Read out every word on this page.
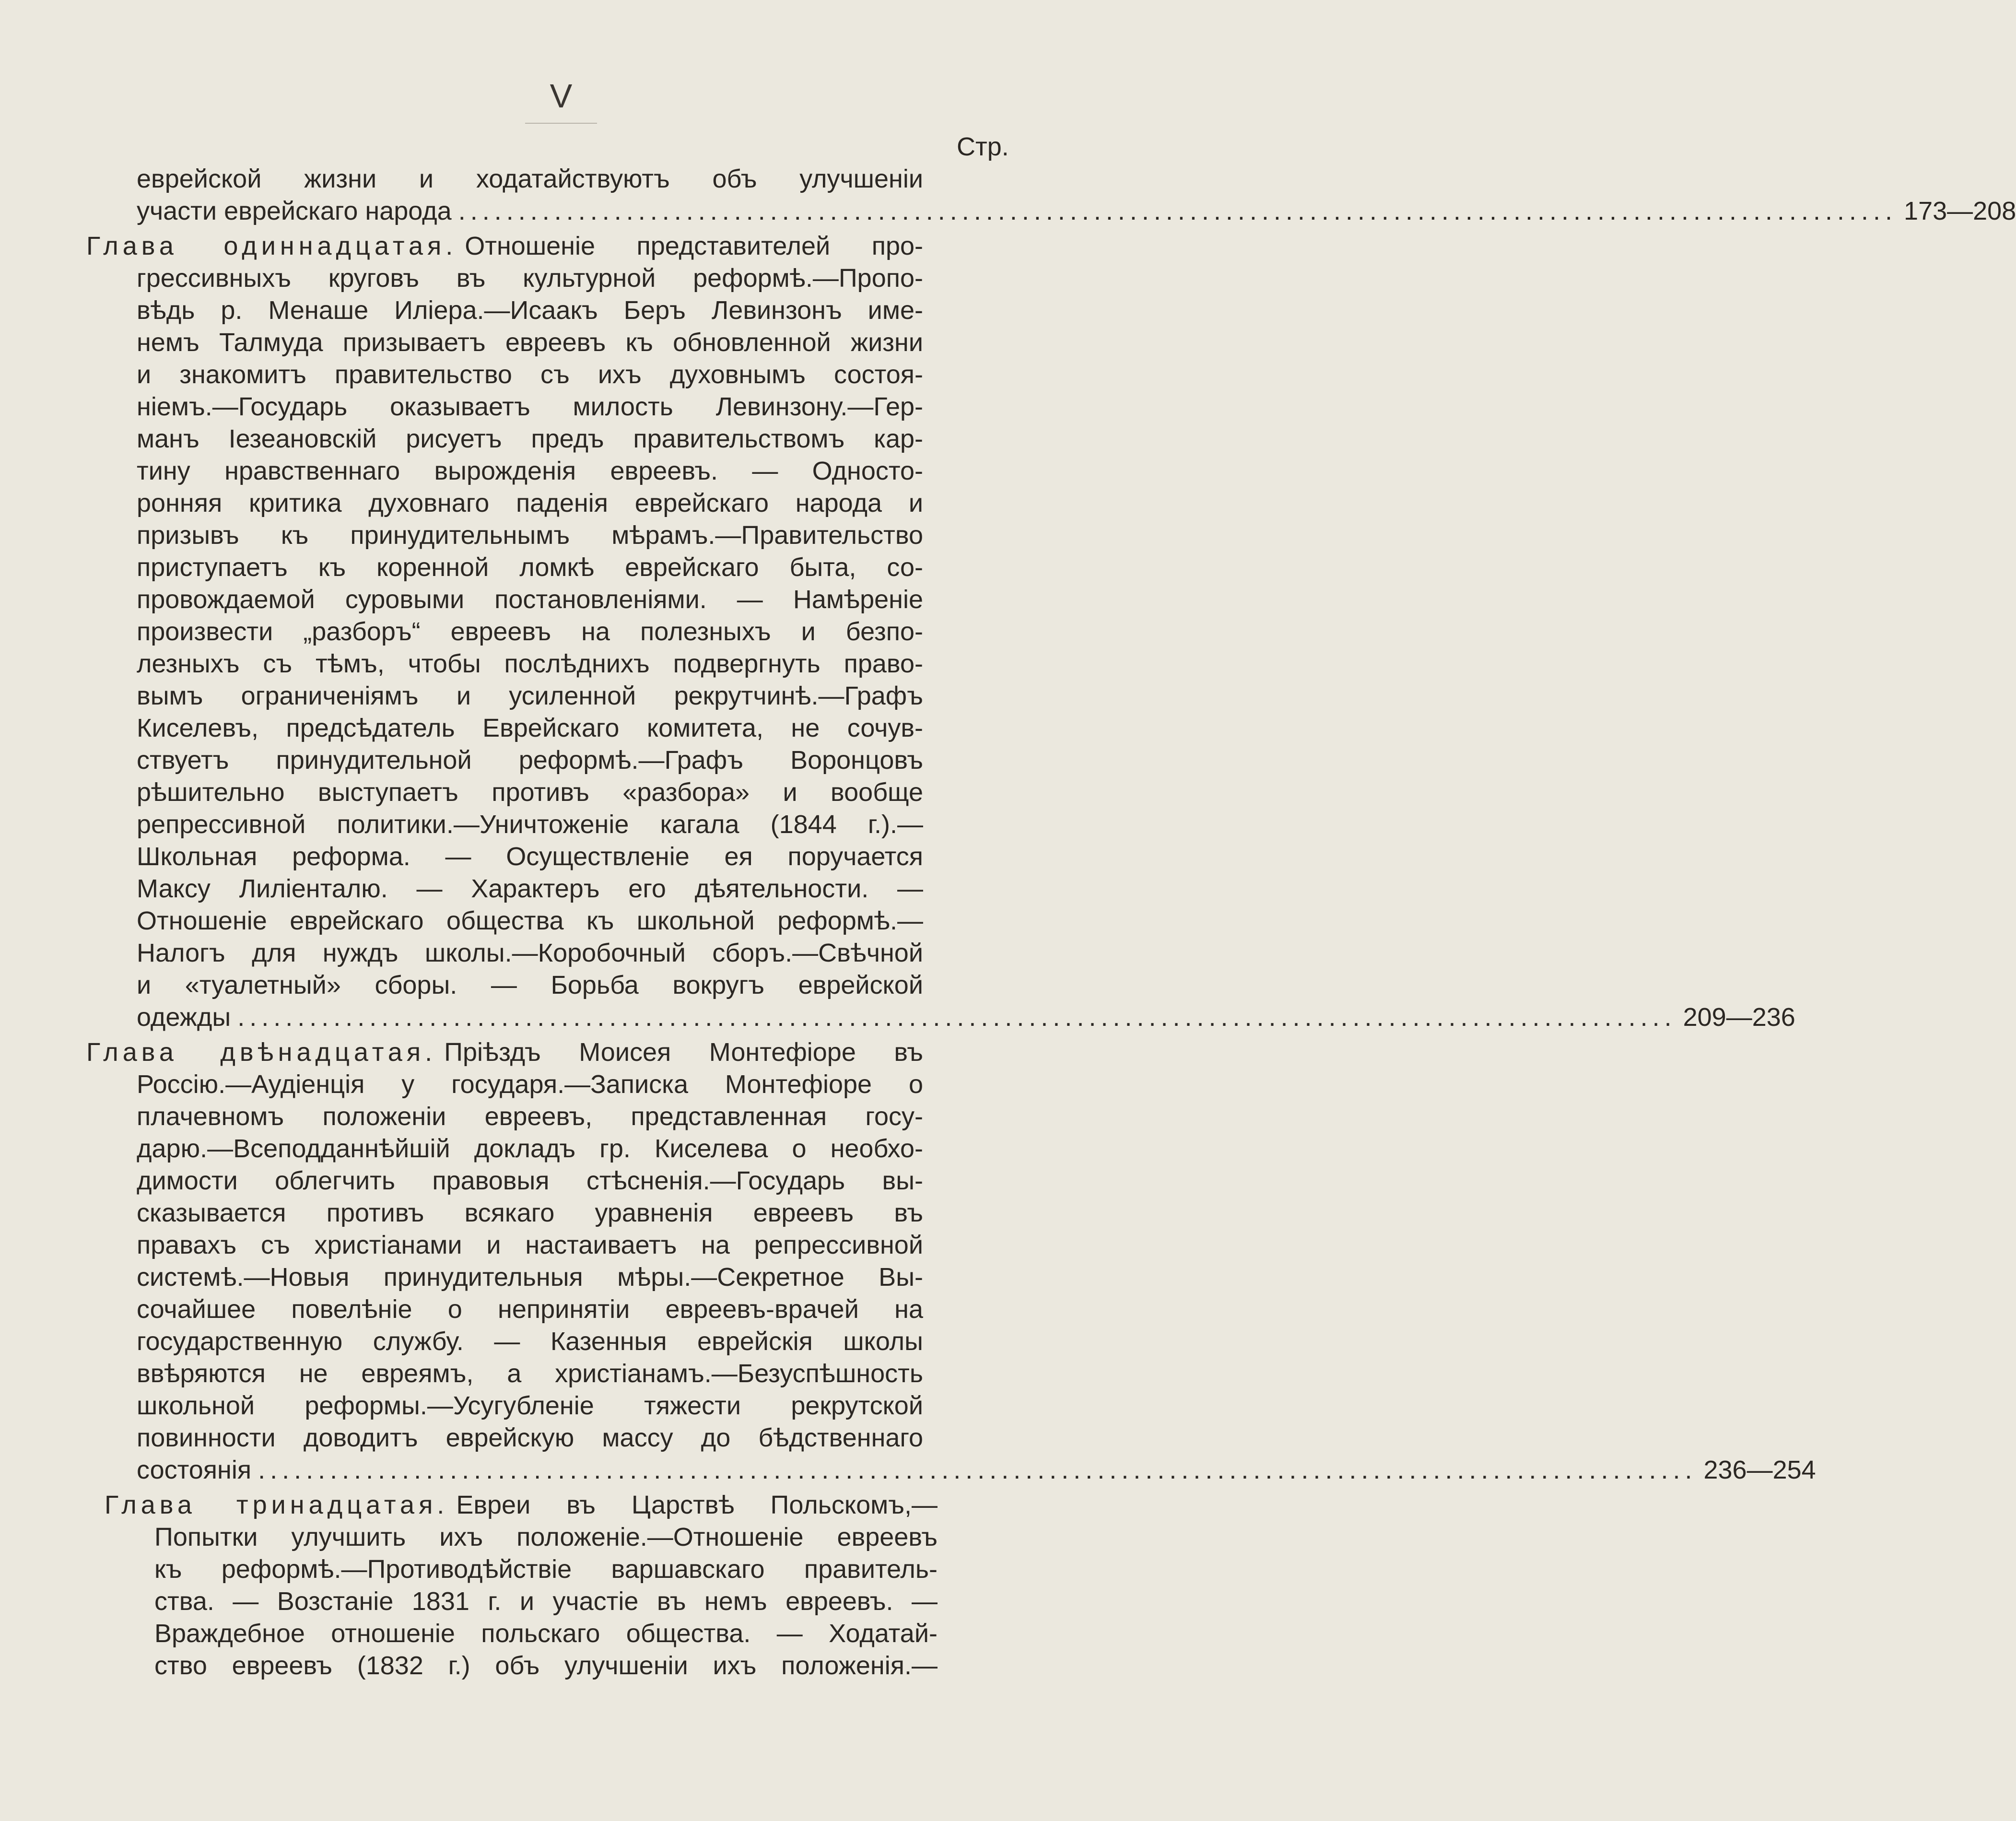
V
Стр.
еврейской жизни и ходатайствуютъ объ улучшеніи
участи еврейскаго народа ........................................................................................................................ 173—208
Глава одиннадцатая. Отношеніе представителей про-
грессивныхъ круговъ въ культурной реформѣ.—Пропо-
вѣдь р. Менаше Иліера.—Исаакъ Беръ Левинзонъ име-
немъ Талмуда призываетъ евреевъ къ обновленной жизни
и знакомитъ правительство съ ихъ духовнымъ состоя-
ніемъ.—Государь оказываетъ милость Левинзону.—Гер-
манъ Іезеановскій рисуетъ предъ правительствомъ кар-
тину нравственнаго вырожденія евреевъ. — Односто-
ронняя критика духовнаго паденія еврейскаго народа и
призывъ къ принудительнымъ мѣрамъ.—Правительство
приступаетъ къ коренной ломкѣ еврейскаго быта, со-
провождаемой суровыми постановленіями. — Намѣреніе
произвести „разборъ“ евреевъ на полезныхъ и безпо-
лезныхъ съ тѣмъ, чтобы послѣднихъ подвергнуть право-
вымъ ограниченіямъ и усиленной рекрутчинѣ.—Графъ
Киселевъ, предсѣдатель Еврейскаго комитета, не сочув-
ствуетъ принудительной реформѣ.—Графъ Воронцовъ
рѣшительно выступаетъ противъ «разбора» и вообще
репрессивной политики.—Уничтоженіе кагала (1844 г.).—
Школьная реформа. — Осуществленіе ея поручается
Максу Лиліенталю. — Характеръ его дѣятельности. —
Отношеніе еврейскаго общества къ школьной реформѣ.—
Налогъ для нуждъ школы.—Коробочный сборъ.—Свѣчной
и «туалетный» сборы. — Борьба вокругъ еврейской
одежды ........................................................................................................................ 209—236
Глава двѣнадцатая. Пріѣздъ Моисея Монтефіоре въ
Россію.—Аудіенція у государя.—Записка Монтефіоре о
плачевномъ положеніи евреевъ, представленная госу-
дарю.—Всеподданнѣйшій докладъ гр. Киселева о необхо-
димости облегчить правовыя стѣсненія.—Государь вы-
сказывается противъ всякаго уравненія евреевъ въ
правахъ съ христіанами и настаиваетъ на репрессивной
системѣ.—Новыя принудительныя мѣры.—Секретное Вы-
сочайшее повелѣніе о непринятіи евреевъ-врачей на
государственную службу. — Казенныя еврейскія школы
ввѣряются не евреямъ, а христіанамъ.—Безуспѣшность
школьной реформы.—Усугубленіе тяжести рекрутской
повинности доводитъ еврейскую массу до бѣдственнаго
состоянія ........................................................................................................................ 236—254
Глава тринадцатая. Евреи въ Царствѣ Польскомъ,—
Попытки улучшить ихъ положеніе.—Отношеніе евреевъ
къ реформѣ.—Противодѣйствіе варшавскаго правитель-
ства. — Возстаніе 1831 г. и участіе въ немъ евреевъ. —
Враждебное отношеніе польскаго общества. — Ходатай-
ство евреевъ (1832 г.) объ улучшеніи ихъ положенія.—
